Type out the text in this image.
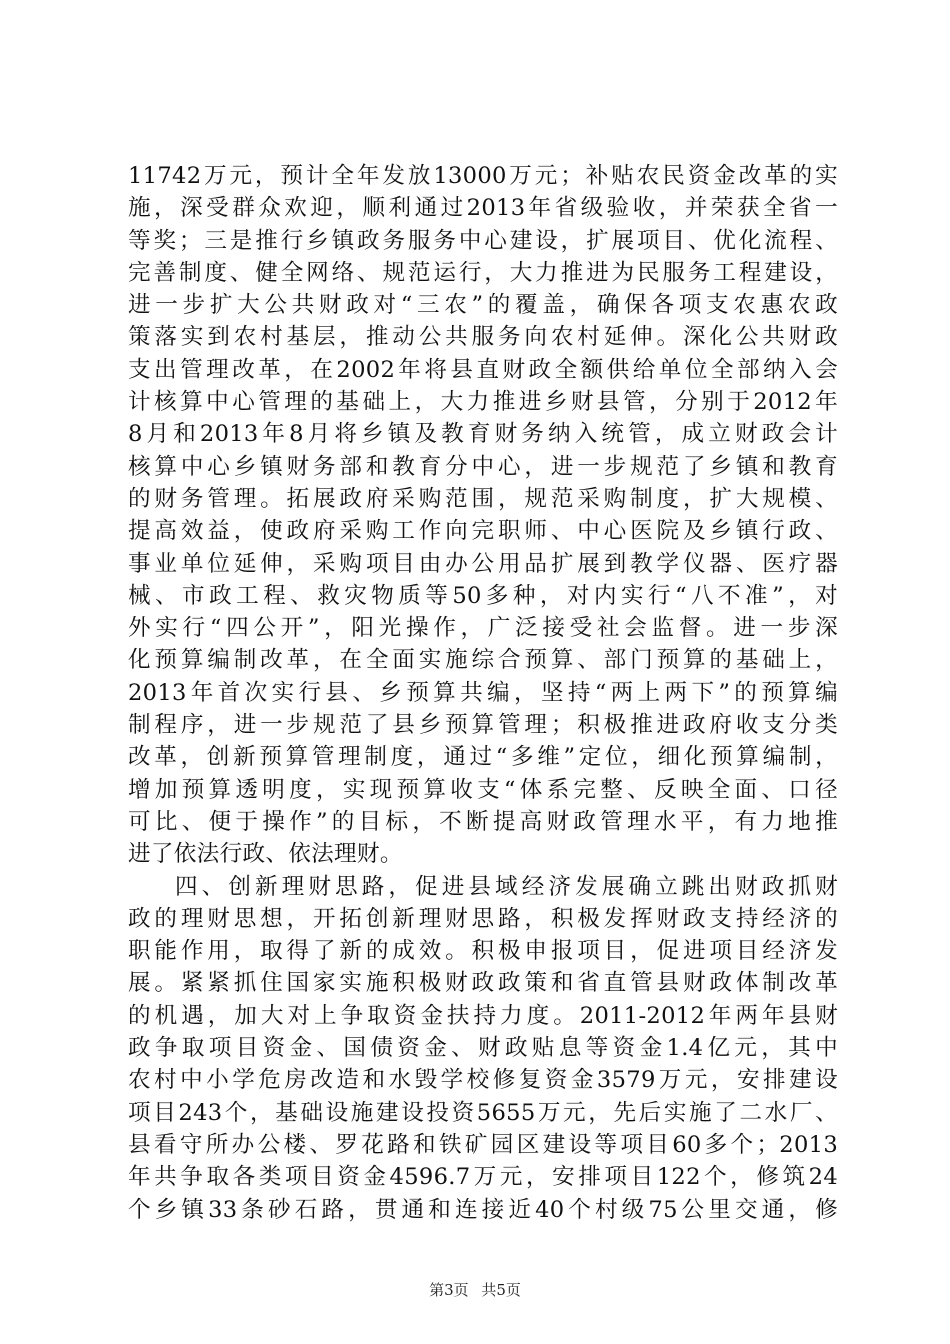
11742万元，预计全年发放13000万元；补贴农民资金改革的实
施，深受群众欢迎，顺利通过2013年省级验收，并荣获全省一
等奖；三是推行乡镇政务服务中心建设，扩展项目、优化流程、
完善制度、健全网络、规范运行，大力推进为民服务工程建设，
进一步扩大公共财政对“三农”的覆盖，确保各项支农惠农政
策落实到农村基层，推动公共服务向农村延伸。深化公共财政
支出管理改革，在2002年将县直财政全额供给单位全部纳入会
计核算中心管理的基础上，大力推进乡财县管，分别于2012年
8月和2013年8月将乡镇及教育财务纳入统管，成立财政会计
核算中心乡镇财务部和教育分中心，进一步规范了乡镇和教育
的财务管理。拓展政府采购范围，规范采购制度，扩大规模、
提高效益，使政府采购工作向完职师、中心医院及乡镇行政、
事业单位延伸，采购项目由办公用品扩展到教学仪器、医疗器
械、市政工程、救灾物质等50多种，对内实行“八不准”，对
外实行“四公开”，阳光操作，广泛接受社会监督。进一步深
化预算编制改革，在全面实施综合预算、部门预算的基础上，
2013年首次实行县、乡预算共编，坚持“两上两下”的预算编
制程序，进一步规范了县乡预算管理；积极推进政府收支分类
改革，创新预算管理制度，通过“多维”定位，细化预算编制，
增加预算透明度，实现预算收支“体系完整、反映全面、口径
可比、便于操作”的目标，不断提高财政管理水平，有力地推
进了依法行政、依法理财。
四、创新理财思路，促进县域经济发展确立跳出财政抓财
政的理财思想，开拓创新理财思路，积极发挥财政支持经济的
职能作用，取得了新的成效。积极申报项目，促进项目经济发
展。紧紧抓住国家实施积极财政政策和省直管县财政体制改革
的机遇，加大对上争取资金扶持力度。2011-2012年两年县财
政争取项目资金、国债资金、财政贴息等资金1.4亿元，其中
农村中小学危房改造和水毁学校修复资金3579万元，安排建设
项目243个，基础设施建设投资5655万元，先后实施了二水厂、
县看守所办公楼、罗花路和铁矿园区建设等项目60多个；2013
年共争取各类项目资金4596.7万元，安排项目122个，修筑24
个乡镇33条砂石路，贯通和连接近40个村级75公里交通，修
第3页 共5页
